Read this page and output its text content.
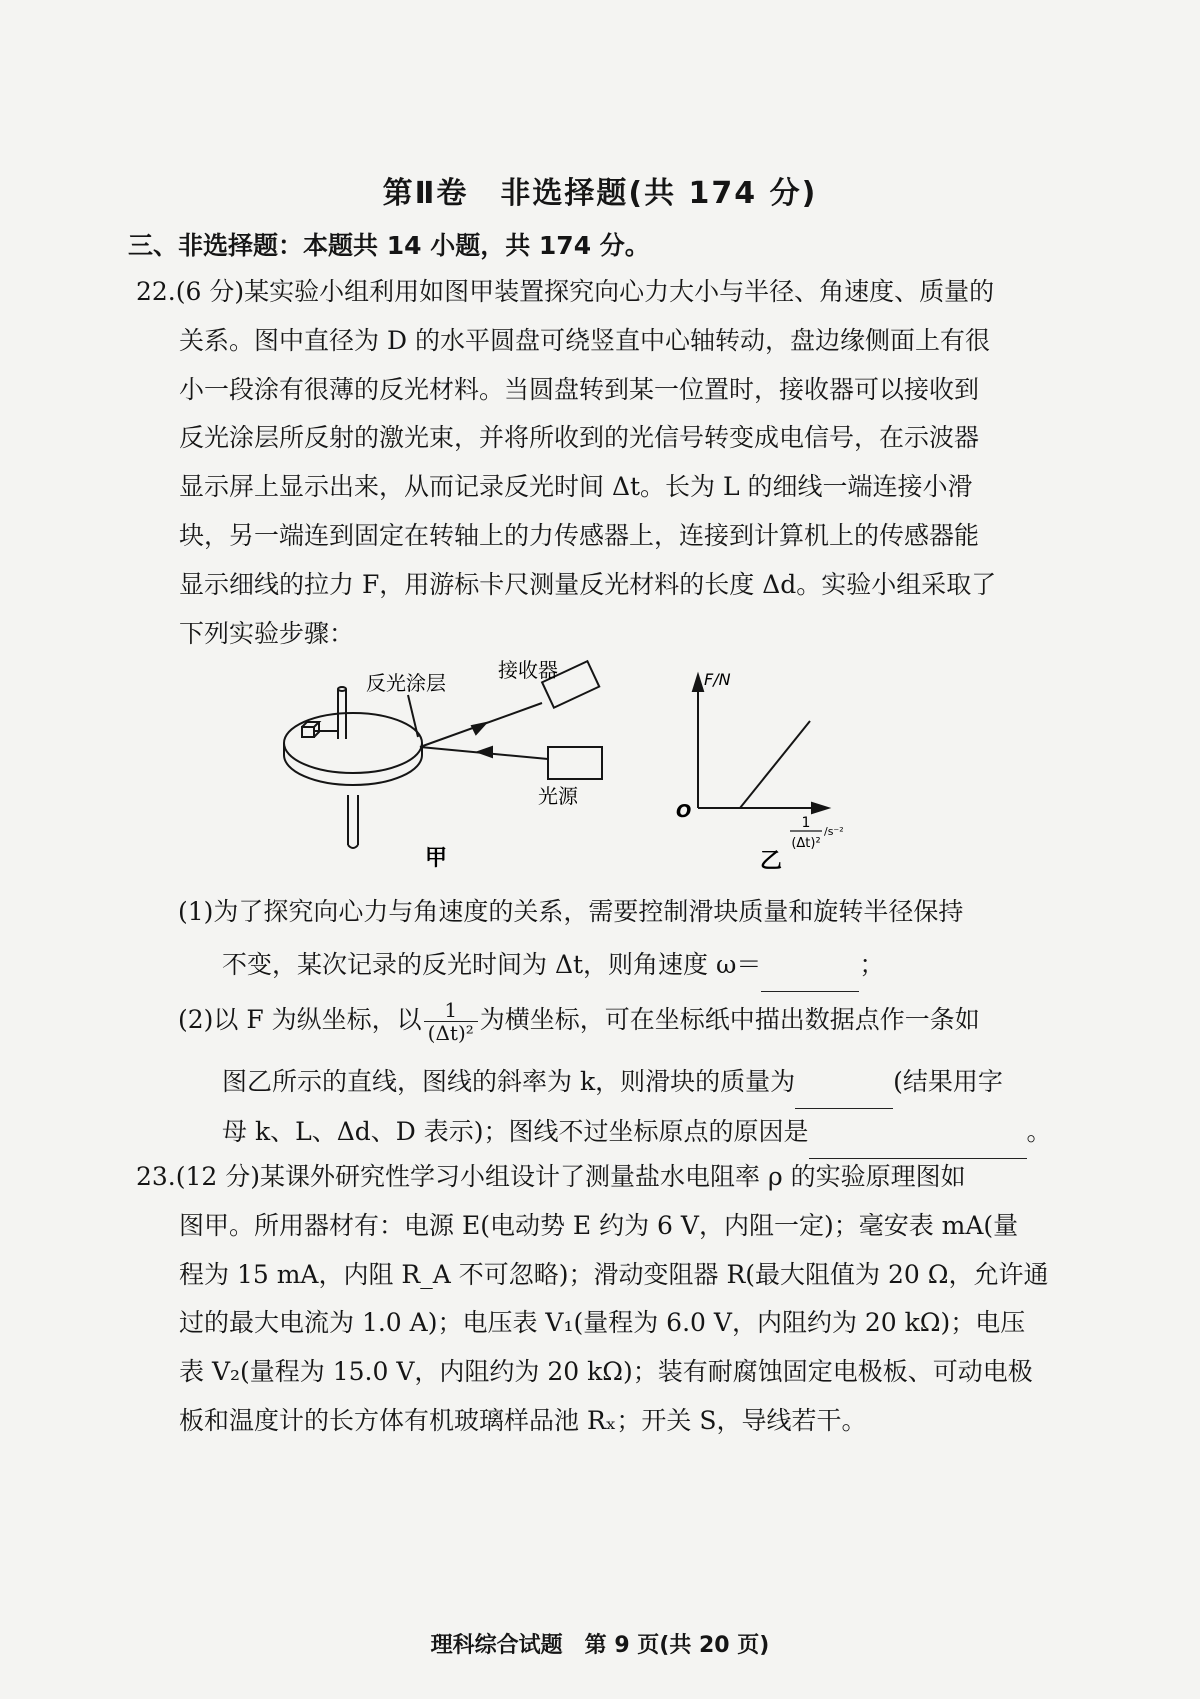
第Ⅱ卷　非选择题(共 174 分)
三、非选择题：本题共 14 小题，共 174 分。
22.(6 分)某实验小组利用如图甲装置探究向心力大小与半径、角速度、质量的
关系。图中直径为 D 的水平圆盘可绕竖直中心轴转动，盘边缘侧面上有很
小一段涂有很薄的反光材料。当圆盘转到某一位置时，接收器可以接收到
反光涂层所反射的激光束，并将所收到的光信号转变成电信号，在示波器
显示屏上显示出来，从而记录反光时间 Δt。长为 L 的细线一端连接小滑
块，另一端连到固定在转轴上的力传感器上，连接到计算机上的传感器能
显示细线的拉力 F，用游标卡尺测量反光材料的长度 Δd。实验小组采取了
下列实验步骤：
反光涂层
接收器
光源
甲
F/N
O
1
(Δt)²
/s⁻²
乙
(1)为了探究向心力与角速度的关系，需要控制滑块质量和旋转半径保持
不变，某次记录的反光时间为 Δt，则角速度 ω＝	；
(2)以 F 为纵坐标，以 $\frac{1}{\text{(Δt)²}}$ 为横坐标，可在坐标纸中描出数据点作一条如
图乙所示的直线，图线的斜率为 k，则滑块的质量为	(结果用字
母 k、L、Δd、D 表示)；图线不过坐标原点的原因是	。
23.(12 分)某课外研究性学习小组设计了测量盐水电阻率 ρ 的实验原理图如
图甲。所用器材有：电源 E(电动势 E 约为 6 V，内阻一定)；毫安表 mA(量
程为 15 mA，内阻 R_A 不可忽略)；滑动变阻器 R(最大阻值为 20 Ω，允许通
过的最大电流为 1.0 A)；电压表 V₁(量程为 6.0 V，内阻约为 20 kΩ)；电压
表 V₂(量程为 15.0 V，内阻约为 20 kΩ)；装有耐腐蚀固定电极板、可动电极
板和温度计的长方体有机玻璃样品池 Rₓ；开关 S，导线若干。
理科综合试题　第 9 页(共 20 页)
